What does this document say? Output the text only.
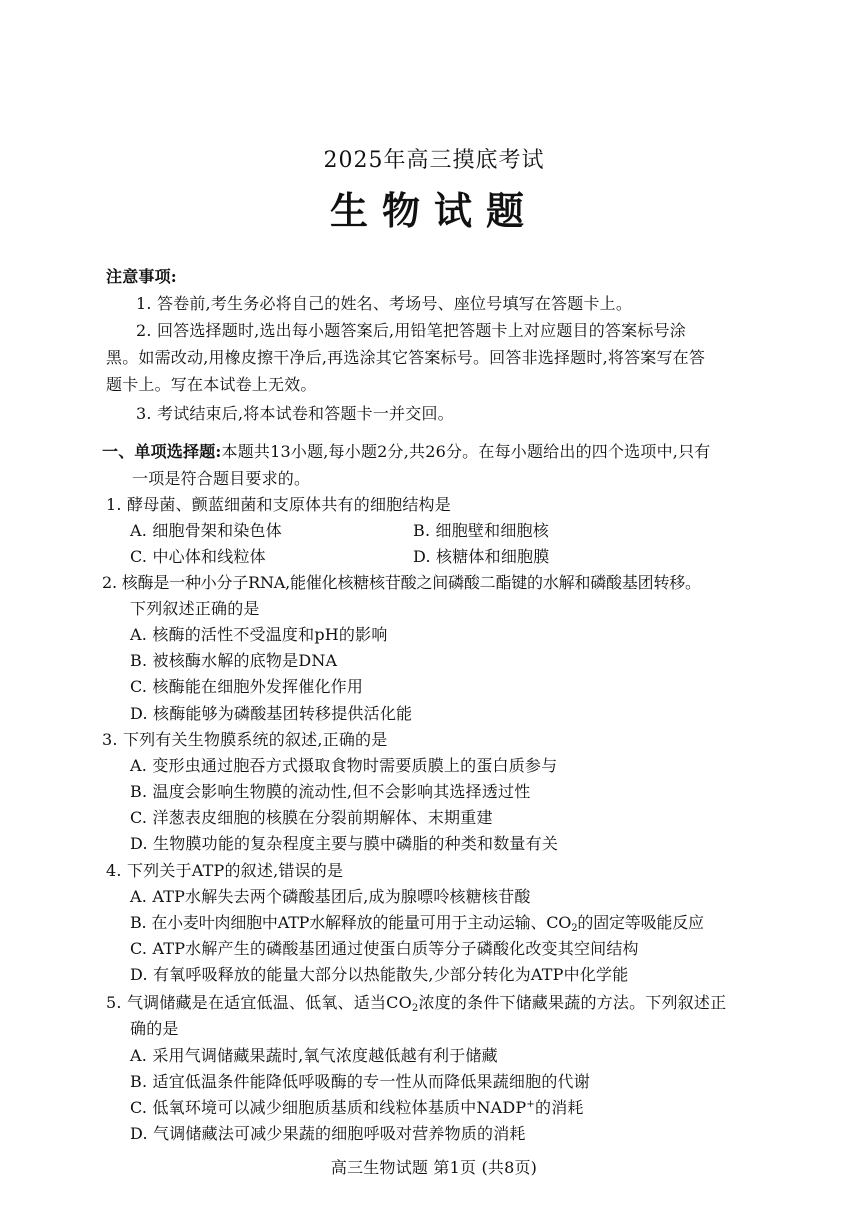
2025年高三摸底考试
生物试题
注意事项:
1. 答卷前,考生务必将自己的姓名、考场号、座位号填写在答题卡上。
2. 回答选择题时,选出每小题答案后,用铅笔把答题卡上对应题目的答案标号涂
黑。如需改动,用橡皮擦干净后,再选涂其它答案标号。回答非选择题时,将答案写在答
题卡上。写在本试卷上无效。
3. 考试结束后,将本试卷和答题卡一并交回。
一、单项选择题:本题共13小题,每小题2分,共26分。在每小题给出的四个选项中,只有
一项是符合题目要求的。
1. 酵母菌、颤蓝细菌和支原体共有的细胞结构是
A. 细胞骨架和染色体	B. 细胞壁和细胞核
C. 中心体和线粒体	D. 核糖体和细胞膜
2. 核酶是一种小分子RNA,能催化核糖核苷酸之间磷酸二酯键的水解和磷酸基团转移。
下列叙述正确的是
A. 核酶的活性不受温度和pH的影响
B. 被核酶水解的底物是DNA
C. 核酶能在细胞外发挥催化作用
D. 核酶能够为磷酸基团转移提供活化能
3. 下列有关生物膜系统的叙述,正确的是
A. 变形虫通过胞吞方式摄取食物时需要质膜上的蛋白质参与
B. 温度会影响生物膜的流动性,但不会影响其选择透过性
C. 洋葱表皮细胞的核膜在分裂前期解体、末期重建
D. 生物膜功能的复杂程度主要与膜中磷脂的种类和数量有关
4. 下列关于ATP的叙述,错误的是
A. ATP水解失去两个磷酸基团后,成为腺嘌呤核糖核苷酸
B. 在小麦叶肉细胞中ATP水解释放的能量可用于主动运输、$CO_2$的固定等吸能反应
C. ATP水解产生的磷酸基团通过使蛋白质等分子磷酸化改变其空间结构
D. 有氧呼吸释放的能量大部分以热能散失,少部分转化为ATP中化学能
5. 气调储藏是在适宜低温、低氧、适当$CO_2$浓度的条件下储藏果蔬的方法。下列叙述正
确的是
A. 采用气调储藏果蔬时,氧气浓度越低越有利于储藏
B. 适宜低温条件能降低呼吸酶的专一性从而降低果蔬细胞的代谢
C. 低氧环境可以减少细胞质基质和线粒体基质中NADP+的消耗
D. 气调储藏法可减少果蔬的细胞呼吸对营养物质的消耗
高三生物试题 第1页 (共8页)
